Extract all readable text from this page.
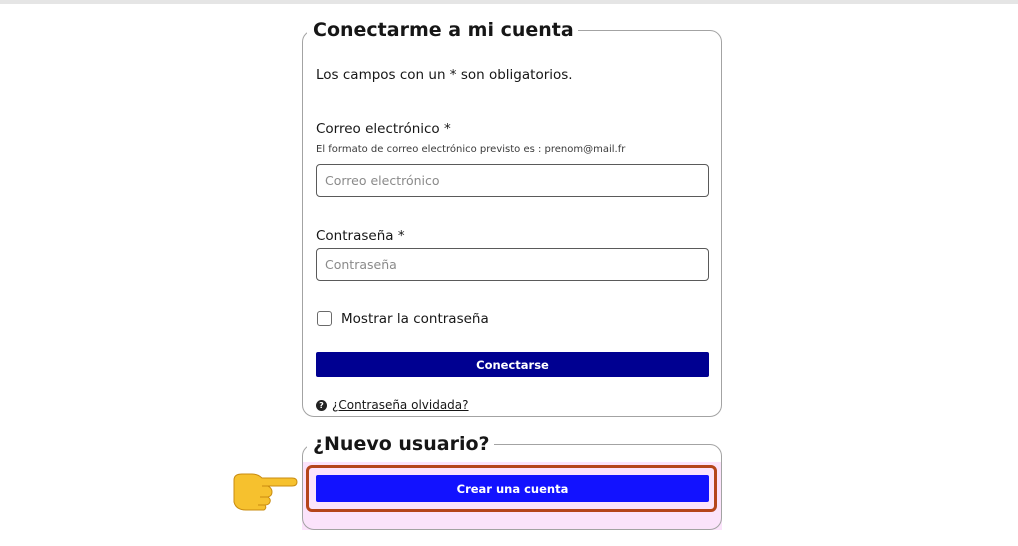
Conectarme a mi cuenta
Los campos con un * son obligatorios.
Correo electrónico *
El formato de correo electrónico previsto es : prenom@mail.fr
Correo electrónico
Contraseña *
Mostrar la contraseña
Conectarse
? ¿Contraseña olvidada?
¿Nuevo usuario?
Crear una cuenta
